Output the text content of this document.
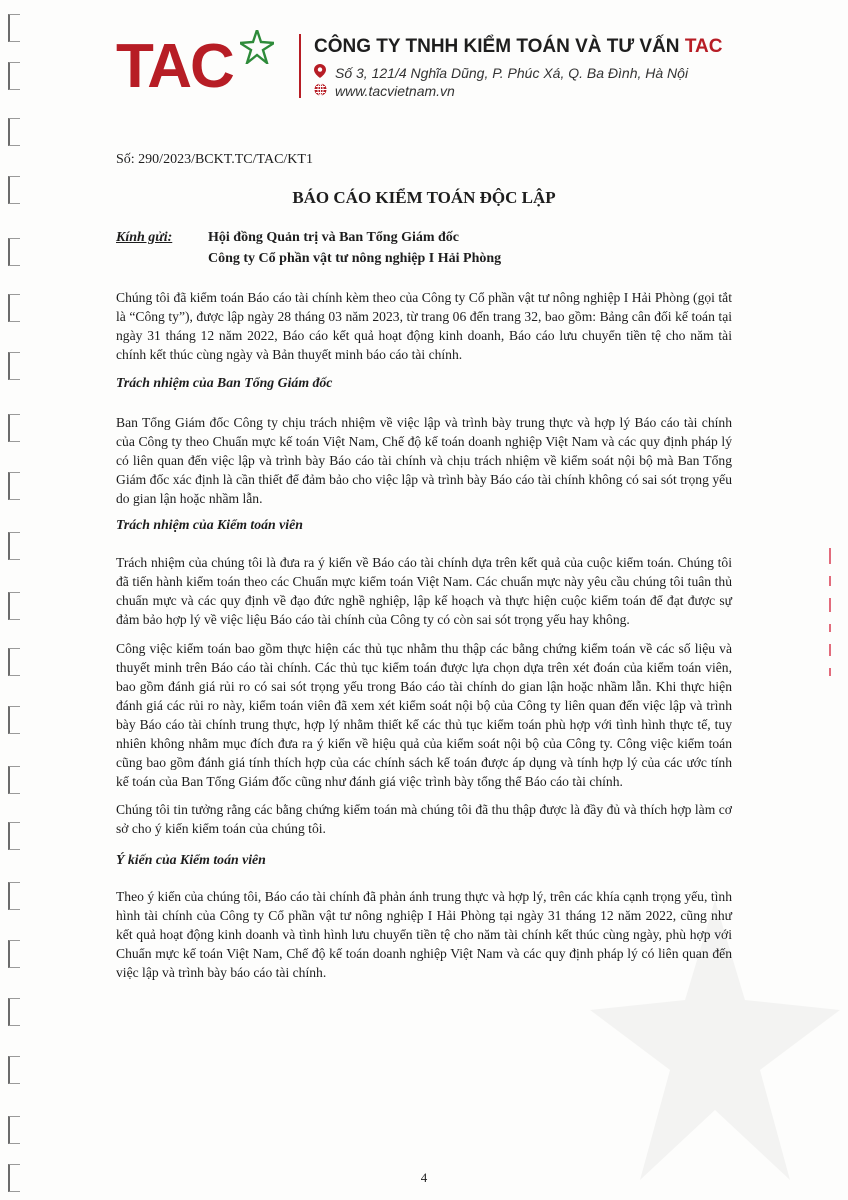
TAC	CÔNG TY TNHH KIỂM TOÁN VÀ TƯ VẤN TAC
Số 3, 121/4 Nghĩa Dũng, P. Phúc Xá, Q. Ba Đình, Hà Nội
www.tacvietnam.vn
Số: 290/2023/BCKT.TC/TAC/KT1
BÁO CÁO KIỂM TOÁN ĐỘC LẬP
Kính gửi:	Hội đồng Quản trị và Ban Tổng Giám đốc
Công ty Cổ phần vật tư nông nghiệp I Hải Phòng
Chúng tôi đã kiểm toán Báo cáo tài chính kèm theo của Công ty Cổ phần vật tư nông nghiệp I Hải Phòng (gọi tắt là “Công ty”), được lập ngày 28 tháng 03 năm 2023, từ trang 06 đến trang 32, bao gồm: Bảng cân đối kế toán tại ngày 31 tháng 12 năm 2022, Báo cáo kết quả hoạt động kinh doanh, Báo cáo lưu chuyển tiền tệ cho năm tài chính kết thúc cùng ngày và Bản thuyết minh báo cáo tài chính.
Trách nhiệm của Ban Tổng Giám đốc
Ban Tổng Giám đốc Công ty chịu trách nhiệm về việc lập và trình bày trung thực và hợp lý Báo cáo tài chính của Công ty theo Chuẩn mực kế toán Việt Nam, Chế độ kế toán doanh nghiệp Việt Nam và các quy định pháp lý có liên quan đến việc lập và trình bày Báo cáo tài chính và chịu trách nhiệm về kiểm soát nội bộ mà Ban Tổng Giám đốc xác định là cần thiết để đảm bảo cho việc lập và trình bày Báo cáo tài chính không có sai sót trọng yếu do gian lận hoặc nhầm lẫn.
Trách nhiệm của Kiểm toán viên
Trách nhiệm của chúng tôi là đưa ra ý kiến về Báo cáo tài chính dựa trên kết quả của cuộc kiểm toán. Chúng tôi đã tiến hành kiểm toán theo các Chuẩn mực kiểm toán Việt Nam. Các chuẩn mực này yêu cầu chúng tôi tuân thủ chuẩn mực và các quy định về đạo đức nghề nghiệp, lập kế hoạch và thực hiện cuộc kiểm toán để đạt được sự đảm bảo hợp lý về việc liệu Báo cáo tài chính của Công ty có còn sai sót trọng yếu hay không.
Công việc kiểm toán bao gồm thực hiện các thủ tục nhằm thu thập các bằng chứng kiểm toán về các số liệu và thuyết minh trên Báo cáo tài chính. Các thủ tục kiểm toán được lựa chọn dựa trên xét đoán của kiểm toán viên, bao gồm đánh giá rủi ro có sai sót trọng yếu trong Báo cáo tài chính do gian lận hoặc nhầm lẫn. Khi thực hiện đánh giá các rủi ro này, kiểm toán viên đã xem xét kiểm soát nội bộ của Công ty liên quan đến việc lập và trình bày Báo cáo tài chính trung thực, hợp lý nhằm thiết kế các thủ tục kiểm toán phù hợp với tình hình thực tế, tuy nhiên không nhằm mục đích đưa ra ý kiến về hiệu quả của kiểm soát nội bộ của Công ty. Công việc kiểm toán cũng bao gồm đánh giá tính thích hợp của các chính sách kế toán được áp dụng và tính hợp lý của các ước tính kế toán của Ban Tổng Giám đốc cũng như đánh giá việc trình bày tổng thể Báo cáo tài chính.
Chúng tôi tin tưởng rằng các bằng chứng kiểm toán mà chúng tôi đã thu thập được là đầy đủ và thích hợp làm cơ sở cho ý kiến kiểm toán của chúng tôi.
Ý kiến của Kiểm toán viên
Theo ý kiến của chúng tôi, Báo cáo tài chính đã phản ánh trung thực và hợp lý, trên các khía cạnh trọng yếu, tình hình tài chính của Công ty Cổ phần vật tư nông nghiệp I Hải Phòng tại ngày 31 tháng 12 năm 2022, cũng như kết quả hoạt động kinh doanh và tình hình lưu chuyển tiền tệ cho năm tài chính kết thúc cùng ngày, phù hợp với Chuẩn mực kế toán Việt Nam, Chế độ kế toán doanh nghiệp Việt Nam và các quy định pháp lý có liên quan đến việc lập và trình bày báo cáo tài chính.
4
